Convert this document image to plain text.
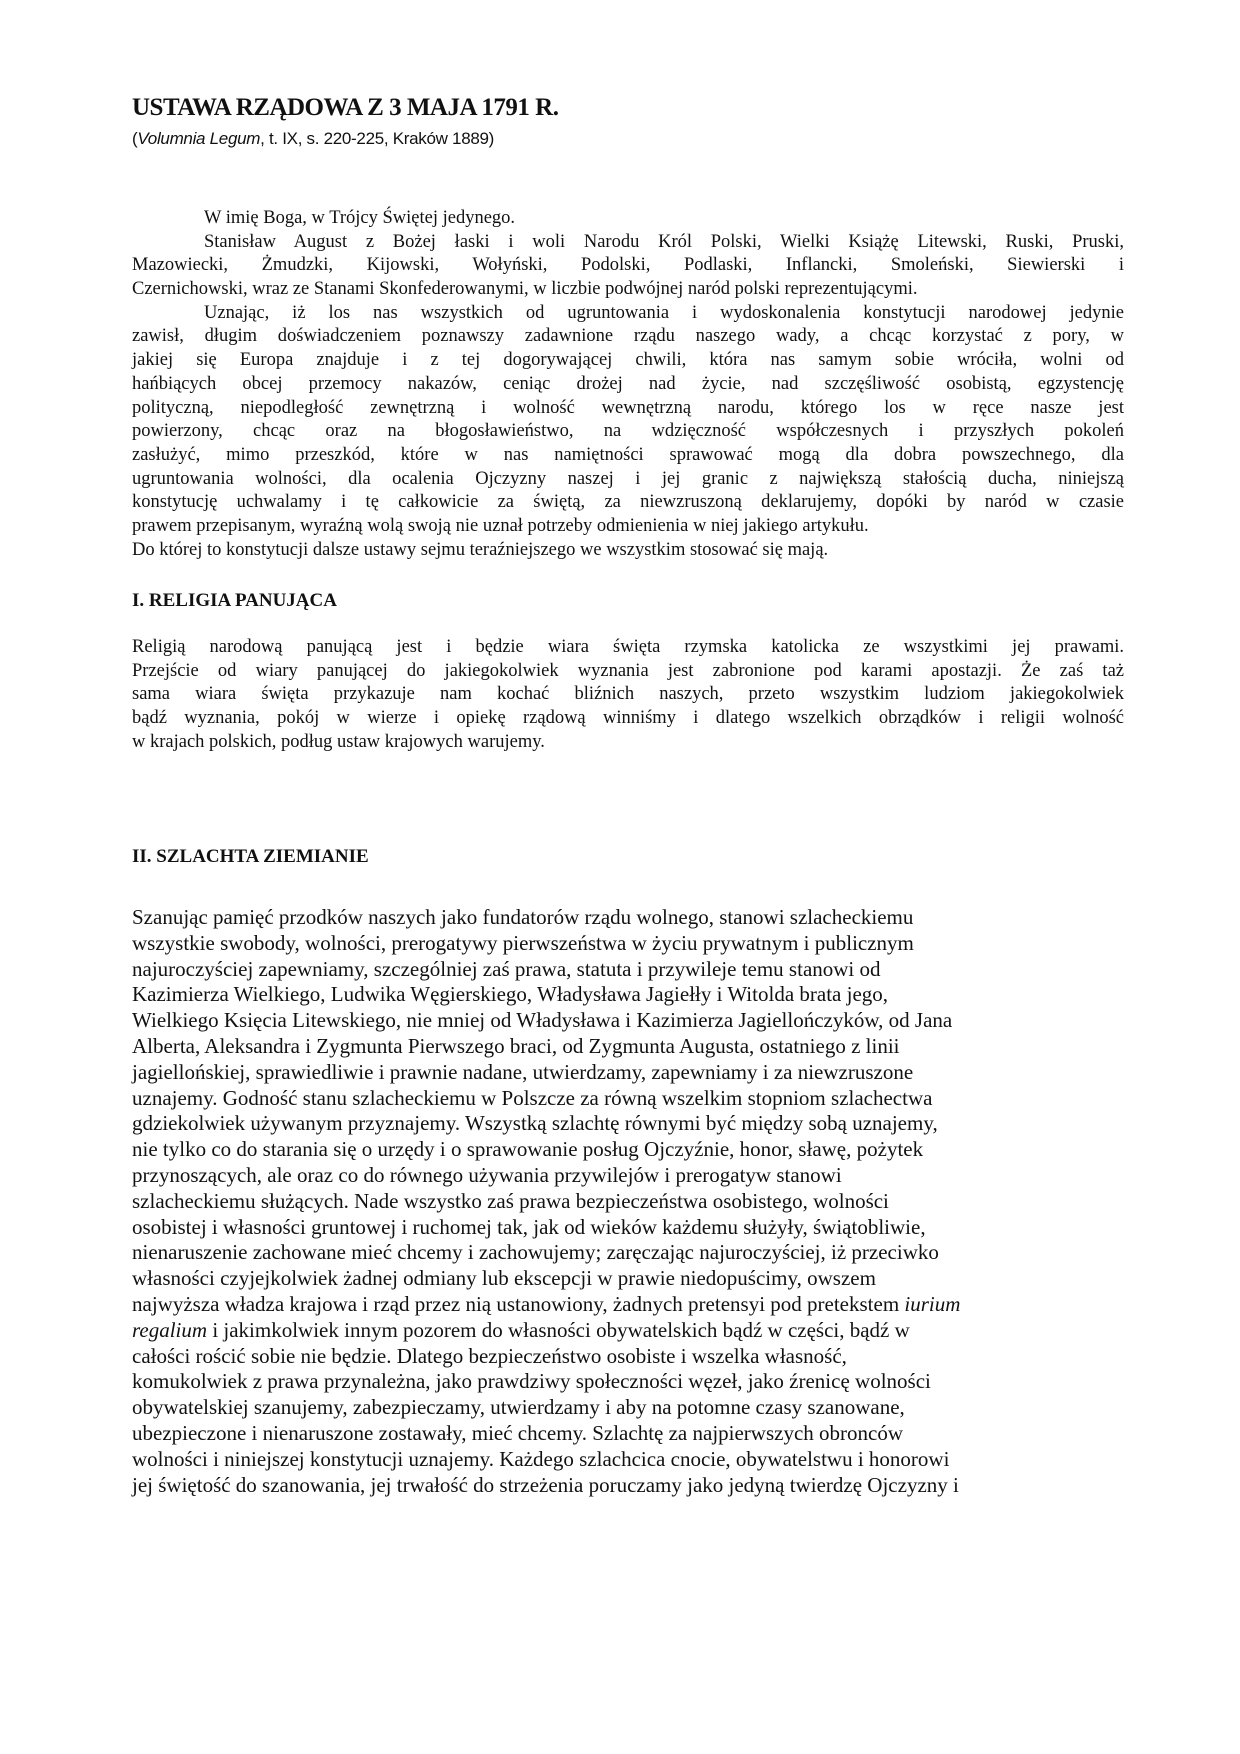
USTAWA RZĄDOWA Z 3 MAJA 1791 R.
(Volumnia Legum, t. IX, s. 220-225, Kraków 1889)
W imię Boga, w Trójcy Świętej jedynego.
Stanisław August z Bożej łaski i woli Narodu Król Polski, Wielki Książę Litewski, Ruski, Pruski,
Mazowiecki, Żmudzki, Kijowski, Wołyński, Podolski, Podlaski, Inflancki, Smoleński, Siewierski i
Czernichowski, wraz ze Stanami Skonfederowanymi, w liczbie podwójnej naród polski reprezentującymi.
Uznając, iż los nas wszystkich od ugruntowania i wydoskonalenia konstytucji narodowej jedynie
zawisł, długim doświadczeniem poznawszy zadawnione rządu naszego wady, a chcąc korzystać z pory, w
jakiej się Europa znajduje i z tej dogorywającej chwili, która nas samym sobie wróciła, wolni od
hańbiących obcej przemocy nakazów, ceniąc drożej nad życie, nad szczęśliwość osobistą, egzystencję
polityczną, niepodległość zewnętrzną i wolność wewnętrzną narodu, którego los w ręce nasze jest
powierzony, chcąc oraz na błogosławieństwo, na wdzięczność współczesnych i przyszłych pokoleń
zasłużyć, mimo przeszkód, które w nas namiętności sprawować mogą dla dobra powszechnego, dla
ugruntowania wolności, dla ocalenia Ojczyzny naszej i jej granic z największą stałością ducha, niniejszą
konstytucję uchwalamy i tę całkowicie za świętą, za niewzruszoną deklarujemy, dopóki by naród w czasie
prawem przepisanym, wyraźną wolą swoją nie uznał potrzeby odmienienia w niej jakiego artykułu.
Do której to konstytucji dalsze ustawy sejmu teraźniejszego we wszystkim stosować się mają.
I. RELIGIA PANUJĄCA
Religią narodową panującą jest i będzie wiara święta rzymska katolicka ze wszystkimi jej prawami.
Przejście od wiary panującej do jakiegokolwiek wyznania jest zabronione pod karami apostazji. Że zaś taż
sama wiara święta przykazuje nam kochać bliźnich naszych, przeto wszystkim ludziom jakiegokolwiek
bądź wyznania, pokój w wierze i opiekę rządową winniśmy i dlatego wszelkich obrządków i religii wolność
w krajach polskich, podług ustaw krajowych warujemy.
II. SZLACHTA ZIEMIANIE
Szanując pamięć przodków naszych jako fundatorów rządu wolnego, stanowi szlacheckiemu
wszystkie swobody, wolności, prerogatywy pierwszeństwa w życiu prywatnym i publicznym
najuroczyściej zapewniamy, szczególniej zaś prawa, statuta i przywileje temu stanowi od
Kazimierza Wielkiego, Ludwika Węgierskiego, Władysława Jagiełły i Witolda brata jego,
Wielkiego Księcia Litewskiego, nie mniej od Władysława i Kazimierza Jagiellończyków, od Jana
Alberta, Aleksandra i Zygmunta Pierwszego braci, od Zygmunta Augusta, ostatniego z linii
jagiellońskiej, sprawiedliwie i prawnie nadane, utwierdzamy, zapewniamy i za niewzruszone
uznajemy. Godność stanu szlacheckiemu w Polszcze za równą wszelkim stopniom szlachectwa
gdziekolwiek używanym przyznajemy. Wszystką szlachtę równymi być między sobą uznajemy,
nie tylko co do starania się o urzędy i o sprawowanie posług Ojczyźnie, honor, sławę, pożytek
przynoszących, ale oraz co do równego używania przywilejów i prerogatyw stanowi
szlacheckiemu służących. Nade wszystko zaś prawa bezpieczeństwa osobistego, wolności
osobistej i własności gruntowej i ruchomej tak, jak od wieków każdemu służyły, świątobliwie,
nienaruszenie zachowane mieć chcemy i zachowujemy; zaręczając najuroczyściej, iż przeciwko
własności czyjejkolwiek żadnej odmiany lub ekscepcji w prawie niedopuścimy, owszem
najwyższa władza krajowa i rząd przez nią ustanowiony, żadnych pretensyi pod pretekstem iurium
regalium i jakimkolwiek innym pozorem do własności obywatelskich bądź w części, bądź w
całości rościć sobie nie będzie. Dlatego bezpieczeństwo osobiste i wszelka własność,
komukolwiek z prawa przynależna, jako prawdziwy społeczności węzeł, jako źrenicę wolności
obywatelskiej szanujemy, zabezpieczamy, utwierdzamy i aby na potomne czasy szanowane,
ubezpieczone i nienaruszone zostawały, mieć chcemy. Szlachtę za najpierwszych obronców
wolności i niniejszej konstytucji uznajemy. Każdego szlachcica cnocie, obywatelstwu i honorowi
jej świętość do szanowania, jej trwałość do strzeżenia poruczamy jako jedyną twierdzę Ojczyzny i
